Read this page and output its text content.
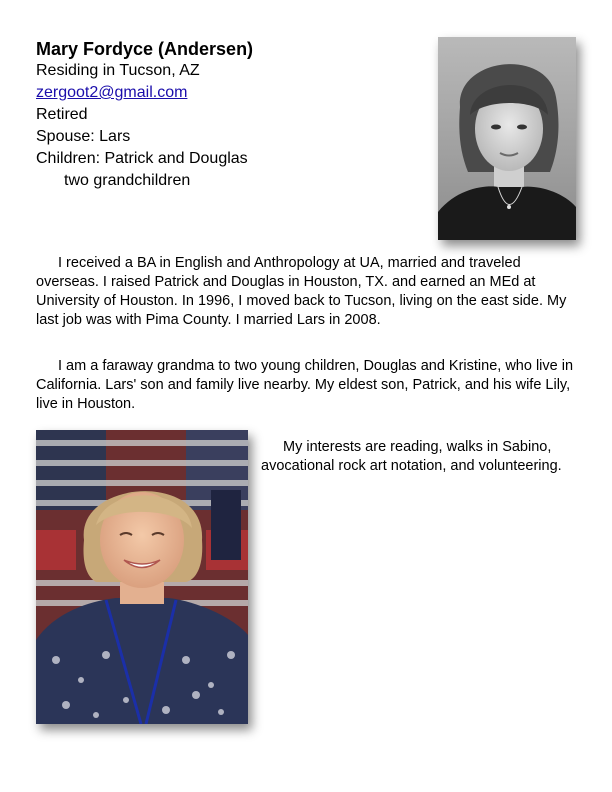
Mary Fordyce (Andersen)
Residing in Tucson, AZ
zergoot2@gmail.com
Retired
Spouse: Lars
Children: Patrick and Douglas
two grandchildren

I received a BA in English and Anthropology at UA, married and traveled overseas. I raised Patrick and Douglas in Houston, TX. and earned an MEd at University of Houston. In 1996, I moved back to Tucson, living on the east side. My last job was with Pima County. I married Lars in 2008.

I am a faraway grandma to two young children, Douglas and Kristine, who live in California. Lars' son and family live nearby. My eldest son, Patrick, and his wife Lily, live in Houston.

My interests are reading, walks in Sabino, avocational rock art notation, and volunteering.
